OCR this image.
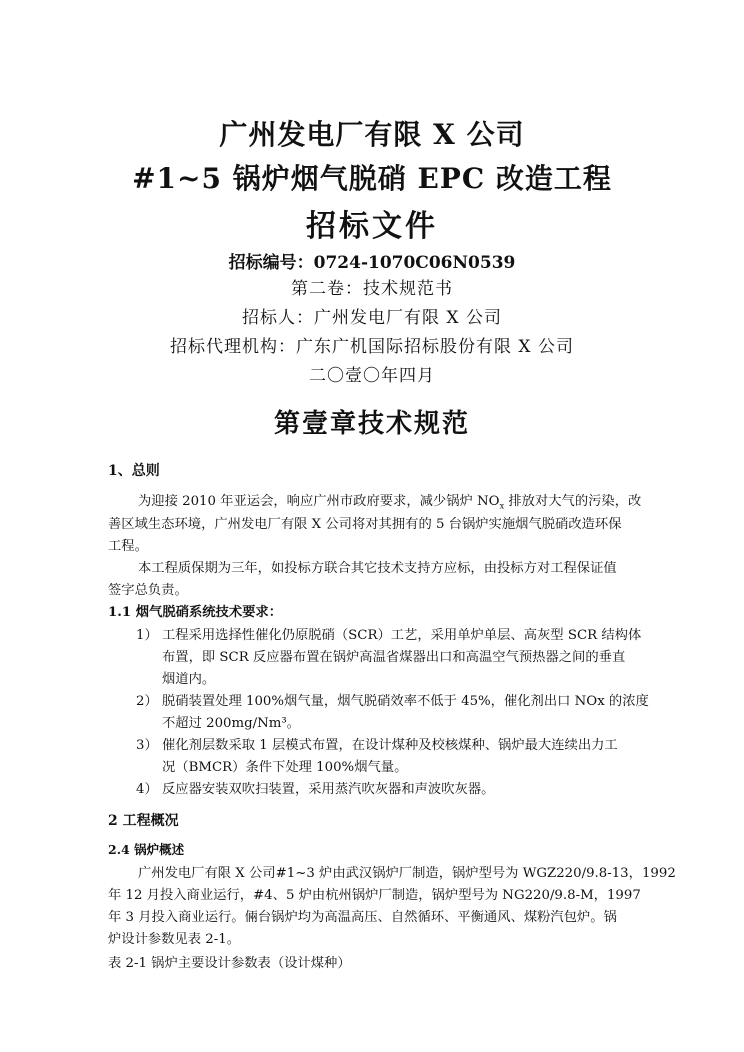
广州发电厂有限 X 公司
#1~5 锅炉烟气脱硝 EPC 改造工程
招标文件
招标编号：0724-1070C06N0539
第二卷：技术规范书
招标人：广州发电厂有限 X 公司
招标代理机构：广东广机国际招标股份有限 X 公司
二〇壹〇年四月
第壹章技术规范
1、总则
为迎接 2010 年亚运会，响应广州市政府要求，减少锅炉 $NO_x$ 排放对大气的污染，改
善区域生态环境，广州发电厂有限 X 公司将对其拥有的 5 台锅炉实施烟气脱硝改造环保
工程。
本工程质保期为三年，如投标方联合其它技术支持方应标，由投标方对工程保证值
签字总负责。
1.1 烟气脱硝系统技术要求：
1） 工程采用选择性催化仍原脱硝（SCR）工艺，采用单炉单层、高灰型 SCR 结构体
布置，即 SCR 反应器布置在锅炉高温省煤器出口和高温空气预热器之间的垂直
烟道内。
2） 脱硝装置处理 100%烟气量，烟气脱硝效率不低于 45%，催化剂出口 NOx 的浓度
不超过 200mg/Nm³。
3） 催化剂层数采取 1 层模式布置，在设计煤种及校核煤种、锅炉最大连续出力工
况（BMCR）条件下处理 100%烟气量。
4） 反应器安装双吹扫装置，采用蒸汽吹灰器和声波吹灰器。
2 工程概况
2.4 锅炉概述
广州发电厂有限 X 公司#1~3 炉由武汉锅炉厂制造，锅炉型号为 WGZ220/9.8-13，1992
年 12 月投入商业运行，#4、5 炉由杭州锅炉厂制造，锅炉型号为 NG220/9.8-M，1997
年 3 月投入商业运行。倆台锅炉均为高温高压、自然循环、平衡通风、煤粉汽包炉。锅
炉设计参数见表 2-1。
表 2-1 锅炉主要设计参数表（设计煤种）
